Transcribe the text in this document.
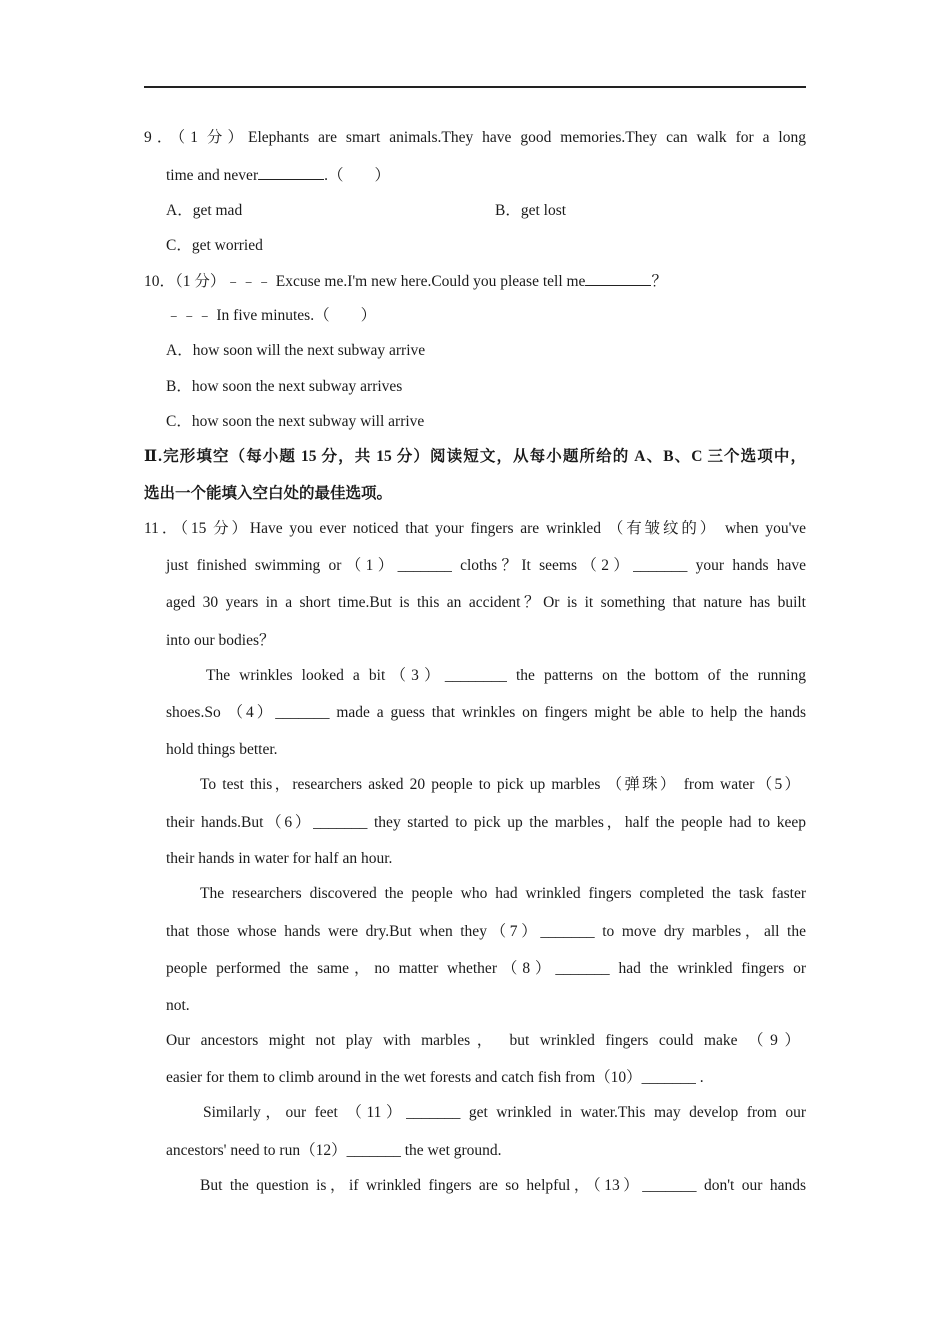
9．（1 分）Elephants are smart animals.They have good memories.They can walk for a long
time and never	.（　　）
A．get mad	B．get lost
C．get worried
10．（1 分）﹣﹣﹣ Excuse me.I'm new here.Could you please tell me	？
﹣﹣﹣ In five minutes.（　　）
A．how soon will the next subway arrive
B．how soon the next subway arrives
C．how soon the next subway will arrive
Ⅱ.完形填空（每小题 15 分，共 15 分）阅读短文，从每小题所给的 A、B、C 三个选项中，
选出一个能填入空白处的最佳选项。
11．（15 分）Have you ever noticed that your fingers are wrinkled （有皱纹的） when you've
just finished swimming or（1）_______ cloths？It seems（2）_______ your hands have
aged 30 years in a short time.But is this an accident？Or is it something that nature has built
into our bodies？
The wrinkles looked a bit（3）________ the patterns on the bottom of the running
shoes.So （4）_______ made a guess that wrinkles on fingers might be able to help the hands
hold things better.
To test this，researchers asked 20 people to pick up marbles （弹珠） from water（5）
their hands.But（6）_______ they started to pick up the marbles，half the people had to keep
their hands in water for half an hour.
The researchers discovered the people who had wrinkled fingers completed the task faster
that those whose hands were dry.But when they（7）_______ to move dry marbles，all the
people performed the same，no matter whether（8）_______ had the wrinkled fingers or
not.
Our ancestors might not play with marbles， but wrinkled fingers could make （9）
easier for them to climb around in the wet forests and catch fish from（10）_______ .
Similarly，our feet （11）_______ get wrinkled in water.This may develop from our
ancestors' need to run（12）_______ the wet ground.
But the question is，if wrinkled fingers are so helpful，（13）_______ don't our hands
